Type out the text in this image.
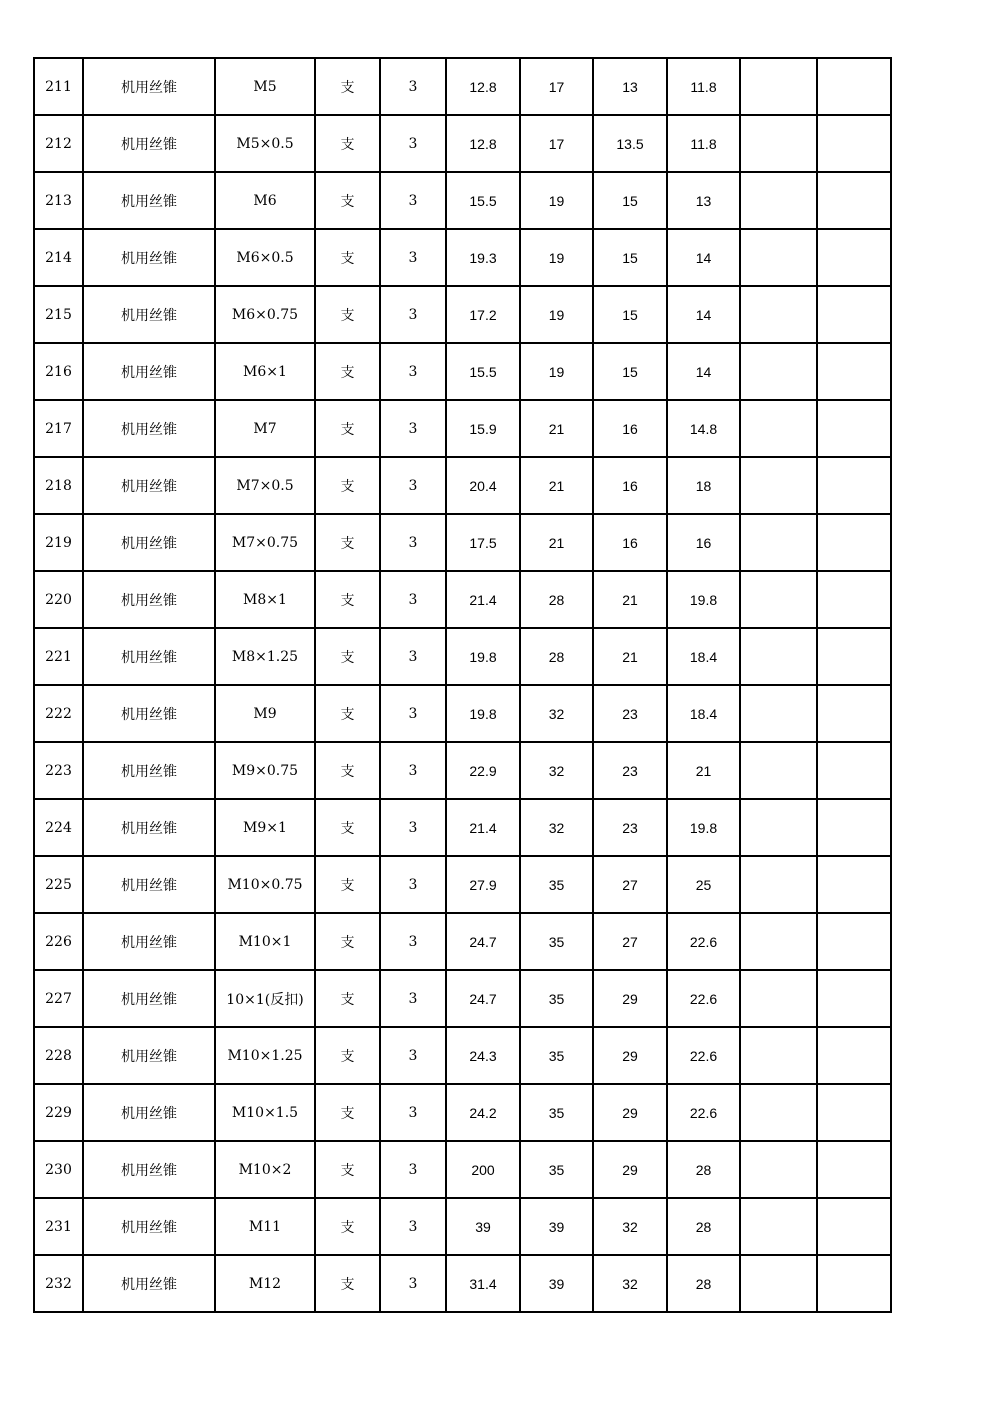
211	机用丝锥	M5	支	3	12.8	17	13	11.8		
212	机用丝锥	M5×0.5	支	3	12.8	17	13.5	11.8		
213	机用丝锥	M6	支	3	15.5	19	15	13		
214	机用丝锥	M6×0.5	支	3	19.3	19	15	14		
215	机用丝锥	M6×0.75	支	3	17.2	19	15	14		
216	机用丝锥	M6×1	支	3	15.5	19	15	14		
217	机用丝锥	M7	支	3	15.9	21	16	14.8		
218	机用丝锥	M7×0.5	支	3	20.4	21	16	18		
219	机用丝锥	M7×0.75	支	3	17.5	21	16	16		
220	机用丝锥	M8×1	支	3	21.4	28	21	19.8		
221	机用丝锥	M8×1.25	支	3	19.8	28	21	18.4		
222	机用丝锥	M9	支	3	19.8	32	23	18.4		
223	机用丝锥	M9×0.75	支	3	22.9	32	23	21		
224	机用丝锥	M9×1	支	3	21.4	32	23	19.8		
225	机用丝锥	M10×0.75	支	3	27.9	35	27	25		
226	机用丝锥	M10×1	支	3	24.7	35	27	22.6		
227	机用丝锥	10×1(反扣)	支	3	24.7	35	29	22.6		
228	机用丝锥	M10×1.25	支	3	24.3	35	29	22.6		
229	机用丝锥	M10×1.5	支	3	24.2	35	29	22.6		
230	机用丝锥	M10×2	支	3	200	35	29	28		
231	机用丝锥	M11	支	3	39	39	32	28		
232	机用丝锥	M12	支	3	31.4	39	32	28		
